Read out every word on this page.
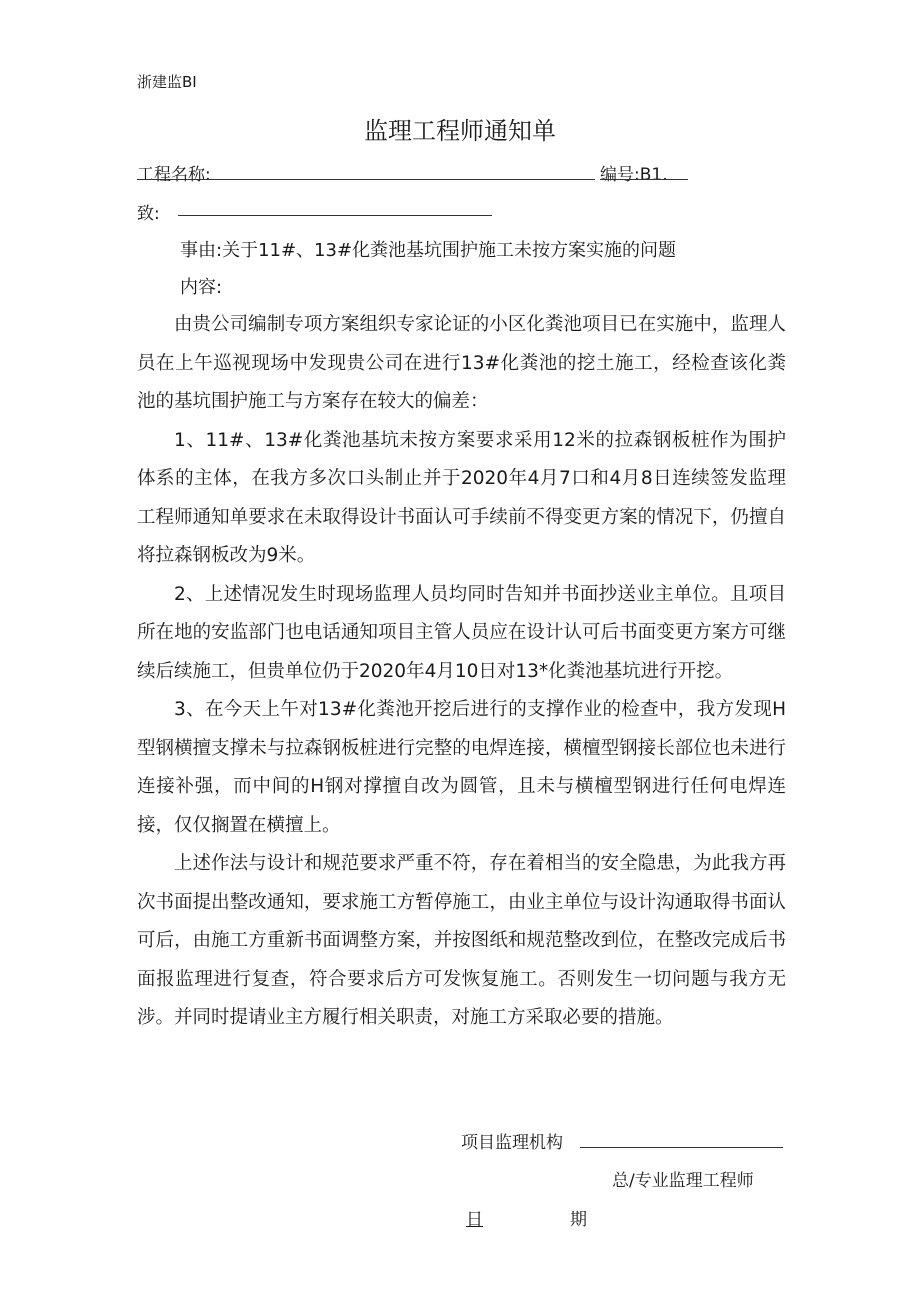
浙建监BI
监理工程师通知单
工程名称:	编号:B1.
致:
事由:关于11#、13#化粪池基坑围护施工未按方案实施的问题
内容:

由贵公司编制专项方案组织专家论证的小区化粪池项目已在实施中，监理人员在上午巡视现场中发现贵公司在进行13#化粪池的挖土施工，经检查该化粪池的基坑围护施工与方案存在较大的偏差：

1、11#、13#化粪池基坑未按方案要求采用12米的拉森钢板桩作为围护体系的主体，在我方多次口头制止并于2020年4月7口和4月8日连续签发监理工程师通知单要求在未取得设计书面认可手续前不得变更方案的情况下，仍擅自将拉森钢板改为9米。

2、上述情况发生时现场监理人员均同时告知并书面抄送业主单位。且项目所在地的安监部门也电话通知项目主管人员应在设计认可后书面变更方案方可继续后续施工，但贵单位仍于2020年4月10日对13*化粪池基坑进行开挖。

3、在今天上午对13#化粪池开挖后进行的支撑作业的检查中，我方发现H型钢横擅支撑未与拉森钢板桩进行完整的电焊连接，横檀型钢接长部位也未进行连接补强，而中间的H钢对撑擅自改为圆管，且未与横檀型钢进行任何电焊连接，仅仅搁置在横擅上。

上述作法与设计和规范要求严重不符，存在着相当的安全隐患，为此我方再次书面提出整改通知，要求施工方暂停施工，由业主单位与设计沟通取得书面认可后，由施工方重新书面调整方案，并按图纸和规范整改到位，在整改完成后书面报监理进行复查，符合要求后方可发恢复施工。否则发生一切问题与我方无涉。并同时提请业主方履行相关职责，对施工方采取必要的措施。

项目监理机构
总/专业监理工程师
日	期
